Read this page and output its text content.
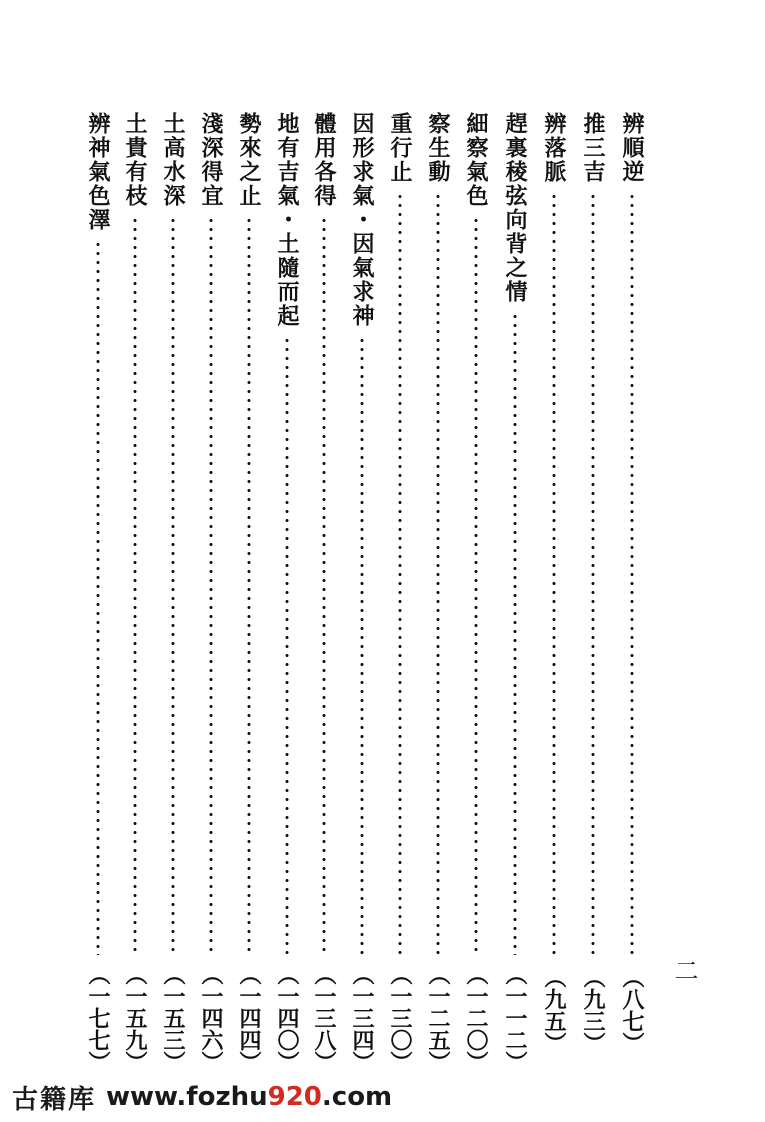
二
辨順逆
（八七）
推三吉
（九三）
辨落脈
（九五）
趕裏稜弦向背之情
（一一二）
細察氣色
（一二〇）
察生動
（一二五）
重行止
（一三〇）
因形求氣・因氣求神
（一三四）
體用各得
（一三八）
地有吉氣・土隨而起
（一四〇）
勢來之止
（一四四）
淺深得宜
（一四六）
土高水深
（一五三）
土貴有枝
（一五九）
辨神氣色澤
（一七七）
古籍库 www.fozhu920.com
